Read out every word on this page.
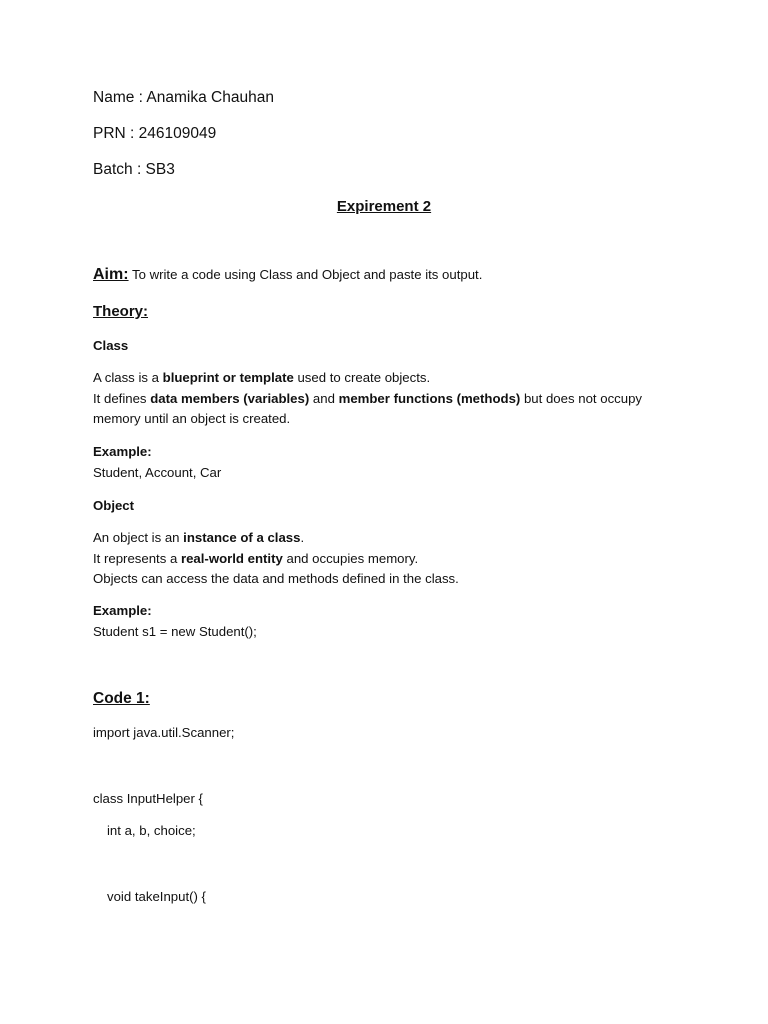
Name : Anamika Chauhan
PRN : 246109049
Batch : SB3
Expirement 2
Aim: To write a code using Class and Object and paste its output.
Theory:
Class
A class is a blueprint or template used to create objects.
It defines data members (variables) and member functions (methods) but does not occupy memory until an object is created.
Example:
Student, Account, Car
Object
An object is an instance of a class.
It represents a real-world entity and occupies memory.
Objects can access the data and methods defined in the class.
Example:
Student s1 = new Student();
Code 1:
import java.util.Scanner;
class InputHelper {
int a, b, choice;
void takeInput() {
